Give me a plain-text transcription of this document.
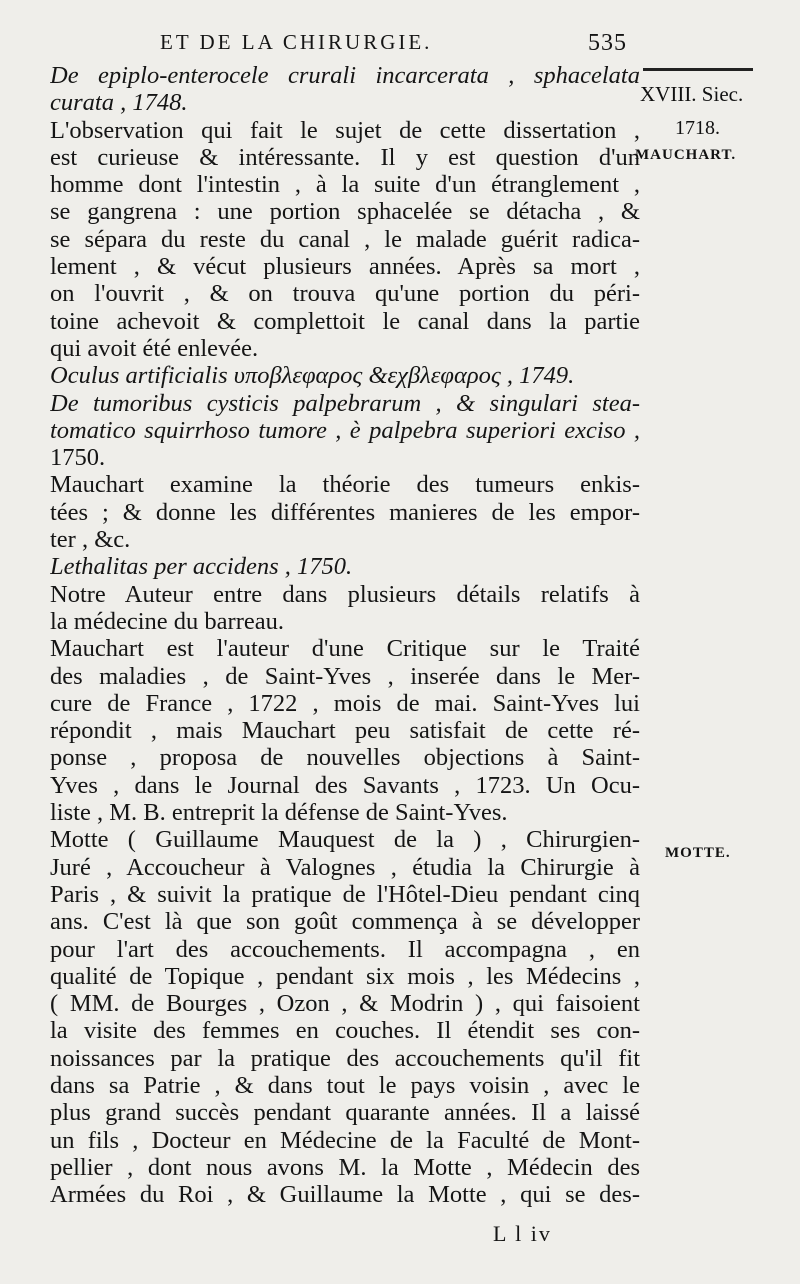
ET DE LA CHIRURGIE.	535
XVIII. Siec.
1718.
MAUCHART.
MOTTE.
De epiplo-enterocele crurali incarcerata , sphacelata
curata , 1748.
L'observation qui fait le sujet de cette dissertation ,
est curieuse & intéressante. Il y est question d'un
homme dont l'intestin , à la suite d'un étranglement ,
se gangrena : une portion sphacelée se détacha , &
se sépara du reste du canal , le malade guérit radica-
lement , & vécut plusieurs années. Après sa mort ,
on l'ouvrit , & on trouva qu'une portion du péri-
toine achevoit & complettoit le canal dans la partie
qui avoit été enlevée.
Oculus artificialis υποβλεφαρος &εχβλεφαρος , 1749.
De tumoribus cysticis palpebrarum , & singulari stea-
tomatico squirrhoso tumore , è palpebra superiori exciso ,
1750.
Mauchart examine la théorie des tumeurs enkis-
tées ; & donne les différentes manieres de les empor-
ter , &c.
Lethalitas per accidens , 1750.
Notre Auteur entre dans plusieurs détails relatifs à
la médecine du barreau.
Mauchart est l'auteur d'une Critique sur le Traité
des maladies , de Saint-Yves , inserée dans le Mer-
cure de France , 1722 , mois de mai. Saint-Yves lui
répondit , mais Mauchart peu satisfait de cette ré-
ponse , proposa de nouvelles objections à Saint-
Yves , dans le Journal des Savants , 1723. Un Ocu-
liste , M. B. entreprit la défense de Saint-Yves.
Motte ( Guillaume Mauquest de la ) , Chirurgien-
Juré , Accoucheur à Valognes , étudia la Chirurgie à
Paris , & suivit la pratique de l'Hôtel-Dieu pendant cinq
ans. C'est là que son goût commença à se développer
pour l'art des accouchements. Il accompagna , en
qualité de Topique , pendant six mois , les Médecins ,
( MM. de Bourges , Ozon , & Modrin ) , qui faisoient
la visite des femmes en couches. Il étendit ses con-
noissances par la pratique des accouchements qu'il fit
dans sa Patrie , & dans tout le pays voisin , avec le
plus grand succès pendant quarante années. Il a laissé
un fils , Docteur en Médecine de la Faculté de Mont-
pellier , dont nous avons M. la Motte , Médecin des
Armées du Roi , & Guillaume la Motte , qui se des-
L l iv
